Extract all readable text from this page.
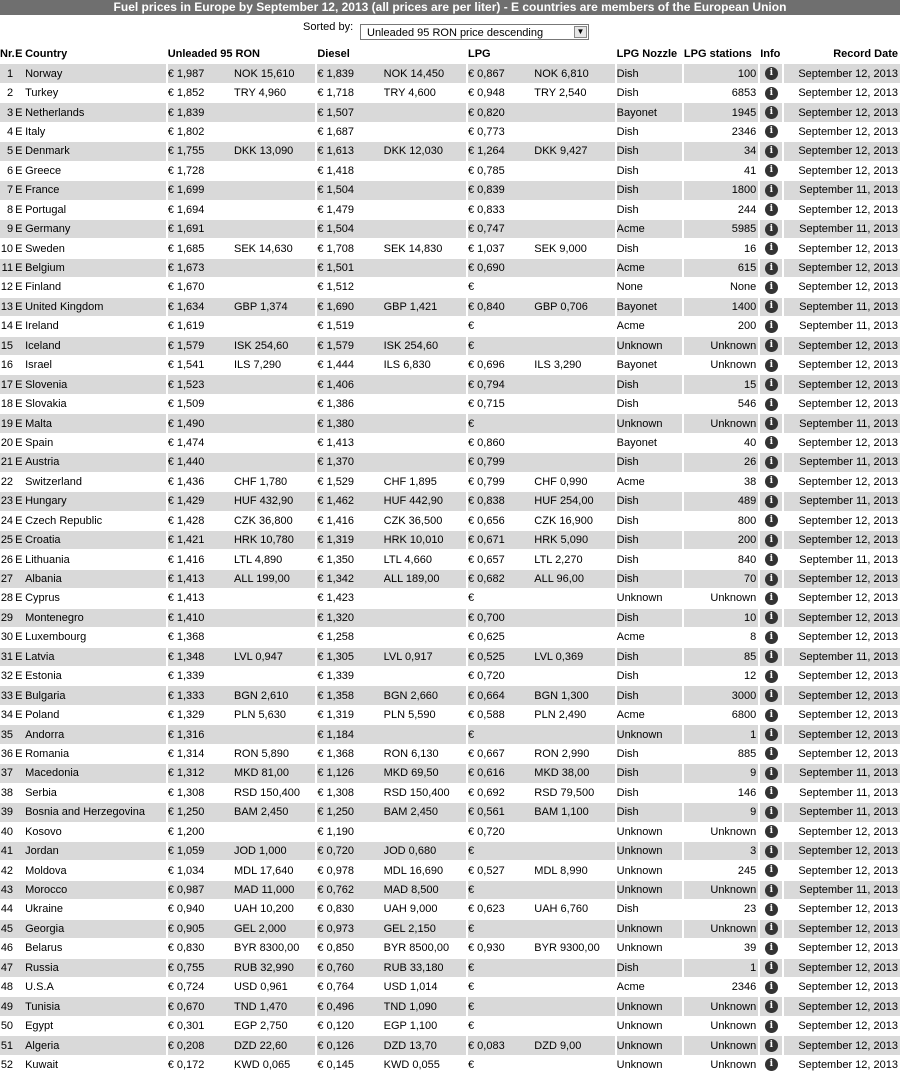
Fuel prices in Europe by September 12, 2013 (all prices are per liter) - E countries are members of the European Union
Sorted by:	Unleaded 95 RON price descending	▼
Nr.	E	Country		Unleaded 95 RON			Diesel			LPG			LPG Nozzle		LPG stations		Info		Record Date
1		Norway		€ 1,987	NOK 15,610		€ 1,839	NOK 14,450		€ 0,867	NOK 6,810		Dish		100		i		September 12, 2013
2		Turkey		€ 1,852	TRY 4,960		€ 1,718	TRY 4,600		€ 0,948	TRY 2,540		Dish		6853		i		September 12, 2013
3	E	Netherlands		€ 1,839			€ 1,507			€ 0,820			Bayonet		1945		i		September 12, 2013
4	E	Italy		€ 1,802			€ 1,687			€ 0,773			Dish		2346		i		September 12, 2013
5	E	Denmark		€ 1,755	DKK 13,090		€ 1,613	DKK 12,030		€ 1,264	DKK 9,427		Dish		34		i		September 12, 2013
6	E	Greece		€ 1,728			€ 1,418			€ 0,785			Dish		41		i		September 12, 2013
7	E	France		€ 1,699			€ 1,504			€ 0,839			Dish		1800		i		September 11, 2013
8	E	Portugal		€ 1,694			€ 1,479			€ 0,833			Dish		244		i		September 12, 2013
9	E	Germany		€ 1,691			€ 1,504			€ 0,747			Acme		5985		i		September 11, 2013
10	E	Sweden		€ 1,685	SEK 14,630		€ 1,708	SEK 14,830		€ 1,037	SEK 9,000		Dish		16		i		September 12, 2013
11	E	Belgium		€ 1,673			€ 1,501			€ 0,690			Acme		615		i		September 12, 2013
12	E	Finland		€ 1,670			€ 1,512			€			None		None		i		September 12, 2013
13	E	United Kingdom		€ 1,634	GBP 1,374		€ 1,690	GBP 1,421		€ 0,840	GBP 0,706		Bayonet		1400		i		September 11, 2013
14	E	Ireland		€ 1,619			€ 1,519			€			Acme		200		i		September 11, 2013
15		Iceland		€ 1,579	ISK 254,60		€ 1,579	ISK 254,60		€			Unknown		Unknown		i		September 12, 2013
16		Israel		€ 1,541	ILS 7,290		€ 1,444	ILS 6,830		€ 0,696	ILS 3,290		Bayonet		Unknown		i		September 12, 2013
17	E	Slovenia		€ 1,523			€ 1,406			€ 0,794			Dish		15		i		September 12, 2013
18	E	Slovakia		€ 1,509			€ 1,386			€ 0,715			Dish		546		i		September 12, 2013
19	E	Malta		€ 1,490			€ 1,380			€			Unknown		Unknown		i		September 11, 2013
20	E	Spain		€ 1,474			€ 1,413			€ 0,860			Bayonet		40		i		September 12, 2013
21	E	Austria		€ 1,440			€ 1,370			€ 0,799			Dish		26		i		September 11, 2013
22		Switzerland		€ 1,436	CHF 1,780		€ 1,529	CHF 1,895		€ 0,799	CHF 0,990		Acme		38		i		September 12, 2013
23	E	Hungary		€ 1,429	HUF 432,90		€ 1,462	HUF 442,90		€ 0,838	HUF 254,00		Dish		489		i		September 11, 2013
24	E	Czech Republic		€ 1,428	CZK 36,800		€ 1,416	CZK 36,500		€ 0,656	CZK 16,900		Dish		800		i		September 12, 2013
25	E	Croatia		€ 1,421	HRK 10,780		€ 1,319	HRK 10,010		€ 0,671	HRK 5,090		Dish		200		i		September 12, 2013
26	E	Lithuania		€ 1,416	LTL 4,890		€ 1,350	LTL 4,660		€ 0,657	LTL 2,270		Dish		840		i		September 11, 2013
27		Albania		€ 1,413	ALL 199,00		€ 1,342	ALL 189,00		€ 0,682	ALL 96,00		Dish		70		i		September 12, 2013
28	E	Cyprus		€ 1,413			€ 1,423			€			Unknown		Unknown		i		September 12, 2013
29		Montenegro		€ 1,410			€ 1,320			€ 0,700			Dish		10		i		September 12, 2013
30	E	Luxembourg		€ 1,368			€ 1,258			€ 0,625			Acme		8		i		September 12, 2013
31	E	Latvia		€ 1,348	LVL 0,947		€ 1,305	LVL 0,917		€ 0,525	LVL 0,369		Dish		85		i		September 11, 2013
32	E	Estonia		€ 1,339			€ 1,339			€ 0,720			Dish		12		i		September 12, 2013
33	E	Bulgaria		€ 1,333	BGN 2,610		€ 1,358	BGN 2,660		€ 0,664	BGN 1,300		Dish		3000		i		September 12, 2013
34	E	Poland		€ 1,329	PLN 5,630		€ 1,319	PLN 5,590		€ 0,588	PLN 2,490		Acme		6800		i		September 12, 2013
35		Andorra		€ 1,316			€ 1,184			€			Unknown		1		i		September 12, 2013
36	E	Romania		€ 1,314	RON 5,890		€ 1,368	RON 6,130		€ 0,667	RON 2,990		Dish		885		i		September 12, 2013
37		Macedonia		€ 1,312	MKD 81,00		€ 1,126	MKD 69,50		€ 0,616	MKD 38,00		Dish		9		i		September 11, 2013
38		Serbia		€ 1,308	RSD 150,400		€ 1,308	RSD 150,400		€ 0,692	RSD 79,500		Dish		146		i		September 11, 2013
39		Bosnia and Herzegovina		€ 1,250	BAM 2,450		€ 1,250	BAM 2,450		€ 0,561	BAM 1,100		Dish		9		i		September 11, 2013
40		Kosovo		€ 1,200			€ 1,190			€ 0,720			Unknown		Unknown		i		September 12, 2013
41		Jordan		€ 1,059	JOD 1,000		€ 0,720	JOD 0,680		€			Unknown		3		i		September 12, 2013
42		Moldova		€ 1,034	MDL 17,640		€ 0,978	MDL 16,690		€ 0,527	MDL 8,990		Unknown		245		i		September 12, 2013
43		Morocco		€ 0,987	MAD 11,000		€ 0,762	MAD 8,500		€			Unknown		Unknown		i		September 11, 2013
44		Ukraine		€ 0,940	UAH 10,200		€ 0,830	UAH 9,000		€ 0,623	UAH 6,760		Dish		23		i		September 12, 2013
45		Georgia		€ 0,905	GEL 2,000		€ 0,973	GEL 2,150		€			Unknown		Unknown		i		September 12, 2013
46		Belarus		€ 0,830	BYR 8300,00		€ 0,850	BYR 8500,00		€ 0,930	BYR 9300,00		Unknown		39		i		September 12, 2013
47		Russia		€ 0,755	RUB 32,990		€ 0,760	RUB 33,180		€			Dish		1		i		September 12, 2013
48		U.S.A		€ 0,724	USD 0,961		€ 0,764	USD 1,014		€			Acme		2346		i		September 12, 2013
49		Tunisia		€ 0,670	TND 1,470		€ 0,496	TND 1,090		€			Unknown		Unknown		i		September 12, 2013
50		Egypt		€ 0,301	EGP 2,750		€ 0,120	EGP 1,100		€			Unknown		Unknown		i		September 12, 2013
51		Algeria		€ 0,208	DZD 22,60		€ 0,126	DZD 13,70		€ 0,083	DZD 9,00		Unknown		Unknown		i		September 12, 2013
52		Kuwait		€ 0,172	KWD 0,065		€ 0,145	KWD 0,055		€			Unknown		Unknown		i		September 12, 2013
